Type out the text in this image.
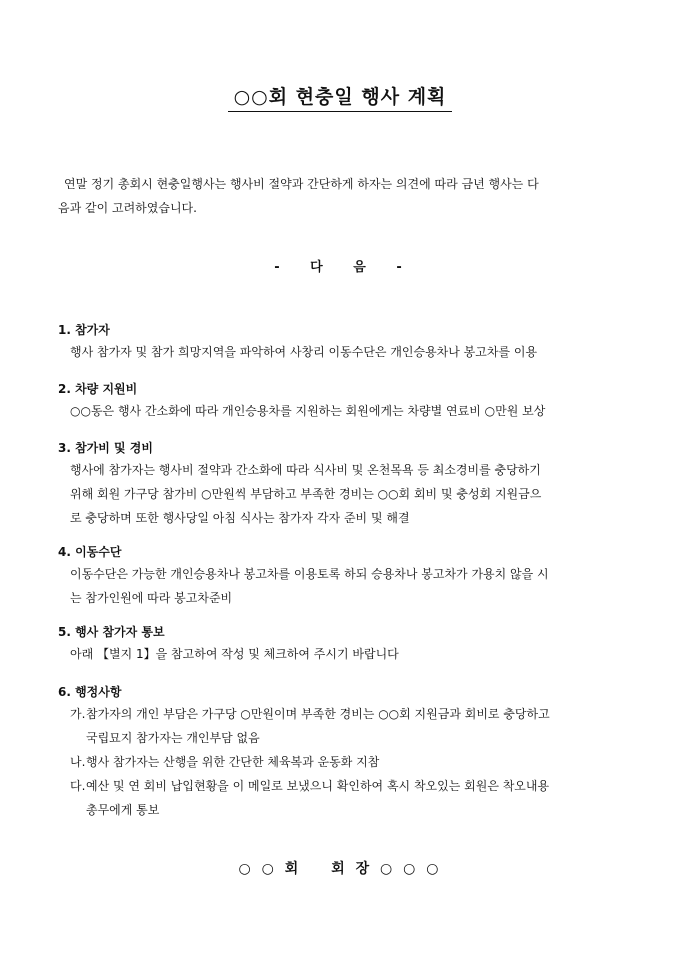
○○회 현충일 행사 계획
연말 정기 총회시 현충일행사는 행사비 절약과 간단하게 하자는 의견에 따라 금년 행사는 다
음과 같이 고려하였습니다.
- 다 음 -
1. 참가자
행사 참가자 및 참가 희망지역을 파악하여 사창리 이동수단은 개인승용차나 봉고차를 이용
2. 차량 지원비
○○동은 행사 간소화에 따라 개인승용차를 지원하는 회원에게는 차량별 연료비 ○만원 보상
3. 참가비 및 경비
행사에 참가자는 행사비 절약과 간소화에 따라 식사비 및 온천목욕 등 최소경비를 충당하기
위해 회원 가구당 참가비 ○만원씩 부담하고 부족한 경비는 ○○회 회비 및 충성회 지원금으
로 충당하며 또한 행사당일 아침 식사는 참가자 각자 준비 및 해결
4. 이동수단
이동수단은 가능한 개인승용차나 봉고차를 이용토록 하되 승용차나 봉고차가 가용치 않을 시
는 참가인원에 따라 봉고차준비
5. 행사 참가자 통보
아래 【별지 1】을 참고하여 작성 및 체크하여 주시기 바랍니다
6. 행정사항
가. 참가자의 개인 부담은 가구당 ○만원이며 부족한 경비는 ○○회 지원금과 회비로 충당하고
국립묘지 참가자는 개인부담 없음
나. 행사 참가자는 산행을 위한 간단한 체육복과 운동화 지참
다. 예산 및 연 회비 납입현황을 이 메일로 보냈으니 확인하여 혹시 착오있는 회원은 착오내용
총무에게 통보
○ ○ 회 회 장 ○ ○ ○
